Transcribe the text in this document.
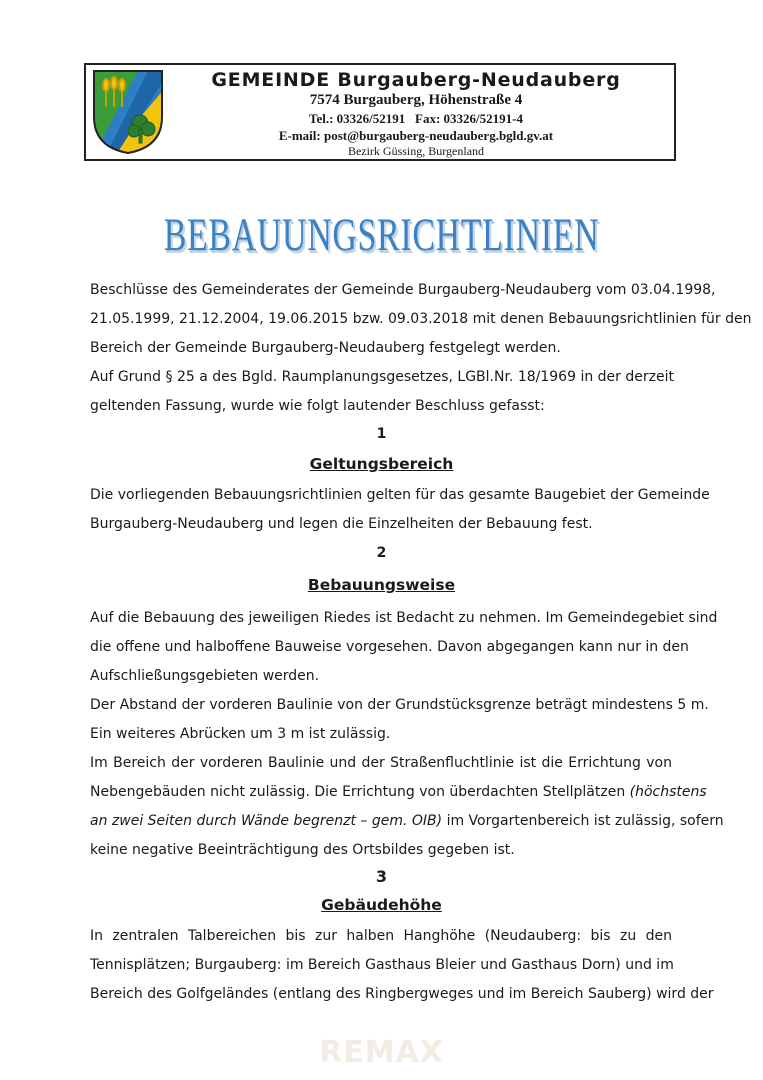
GEMEINDE Burgauberg-Neudauberg
7574 Burgauberg, Höhenstraße 4
Tel.: 03326/52191   Fax: 03326/52191-4
E-mail: post@burgauberg-neudauberg.bgld.gv.at
Bezirk Güssing, Burgenland
BEBAUUNGSRICHTLINIEN
Beschlüsse des Gemeinderates der Gemeinde Burgauberg-Neudauberg vom 03.04.1998,
21.05.1999, 21.12.2004, 19.06.2015 bzw. 09.03.2018 mit denen Bebauungsrichtlinien für den
Bereich der Gemeinde Burgauberg-Neudauberg festgelegt werden.
Auf Grund § 25 a des Bgld. Raumplanungsgesetzes, LGBl.Nr. 18/1969 in der derzeit
geltenden Fassung, wurde wie folgt lautender Beschluss gefasst:
1
Geltungsbereich
Die vorliegenden Bebauungsrichtlinien gelten für das gesamte Baugebiet der Gemeinde
Burgauberg-Neudauberg und legen die Einzelheiten der Bebauung fest.
2
Bebauungsweise
Auf die Bebauung des jeweiligen Riedes ist Bedacht zu nehmen. Im Gemeindegebiet sind
die offene und halboffene Bauweise vorgesehen. Davon abgegangen kann nur in den
Aufschließungsgebieten werden.
Der Abstand der vorderen Baulinie von der Grundstücksgrenze beträgt mindestens 5 m.
Ein weiteres Abrücken um 3 m ist zulässig.
Im Bereich der vorderen Baulinie und der Straßenfluchtlinie ist die Errichtung von
Nebengebäuden nicht zulässig. Die Errichtung von überdachten Stellplätzen (höchstens
an zwei Seiten durch Wände begrenzt – gem. OIB) im Vorgartenbereich ist zulässig, sofern
keine negative Beeinträchtigung des Ortsbildes gegeben ist.
3
Gebäudehöhe
In zentralen Talbereichen bis zur halben Hanghöhe (Neudauberg: bis zu den
Tennisplätzen; Burgauberg: im Bereich Gasthaus Bleier und Gasthaus Dorn) und im
Bereich des Golfgeländes (entlang des Ringbergweges und im Bereich Sauberg) wird der
REMAX
